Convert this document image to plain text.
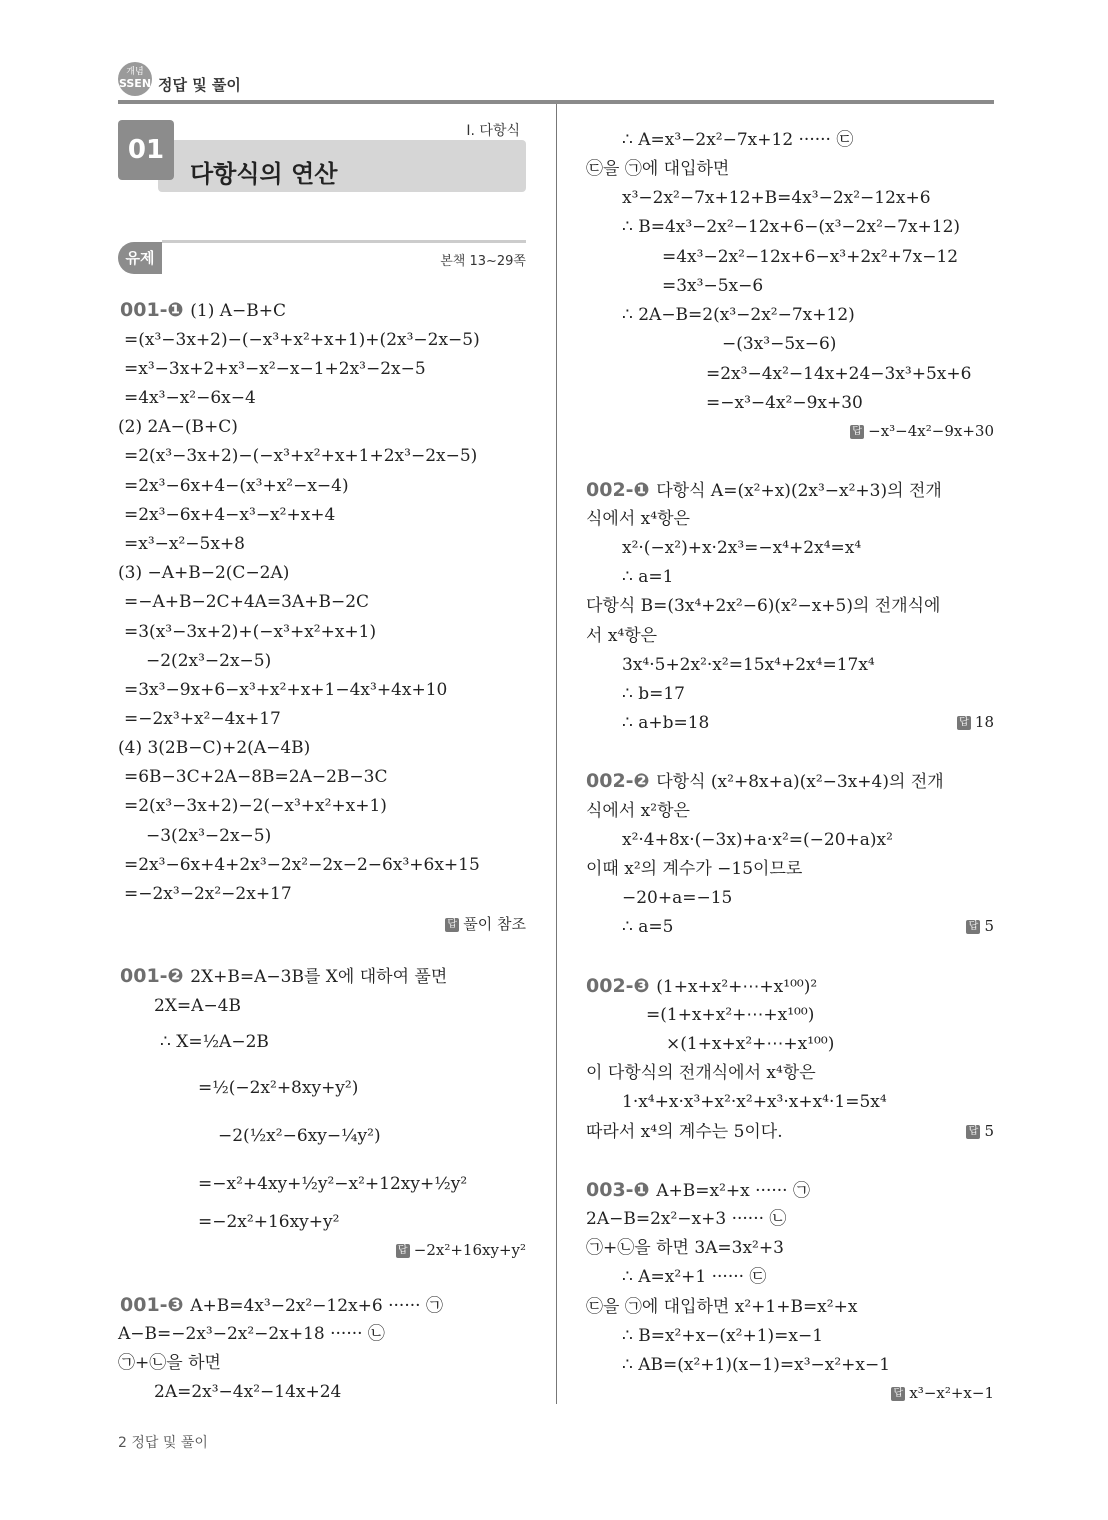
개념
SSEN 정답 및 풀이
01
다항식의 연산
Ⅰ. 다항식
유제	본책 13~29쪽
001-❶ (1) A−B+C
=(x³−3x+2)−(−x³+x²+x+1)+(2x³−2x−5)
=x³−3x+2+x³−x²−x−1+2x³−2x−5
=4x³−x²−6x−4
(2) 2A−(B+C)
=2(x³−3x+2)−(−x³+x²+x+1+2x³−2x−5)
=2x³−6x+4−(x³+x²−x−4)
=2x³−6x+4−x³−x²+x+4
=x³−x²−5x+8
(3) −A+B−2(C−2A)
=−A+B−2C+4A=3A+B−2C
=3(x³−3x+2)+(−x³+x²+x+1)
−2(2x³−2x−5)
=3x³−9x+6−x³+x²+x+1−4x³+4x+10
=−2x³+x²−4x+17
(4) 3(2B−C)+2(A−4B)
=6B−3C+2A−8B=2A−2B−3C
=2(x³−3x+2)−2(−x³+x²+x+1)
−3(2x³−2x−5)
=2x³−6x+4+2x³−2x²−2x−2−6x³+6x+15
=−2x³−2x²−2x+17
001-❷ 2X+B=A−3B를 X에 대하여 풀면
2X=A−4B
∴ X=½A−2B
=½(−2x²+8xy+y²)
−2(½x²−6xy−¼y²)
=−x²+4xy+½y²−x²+12xy+½y²
=−2x²+16xy+y²
001-❸ A+B=4x³−2x²−12x+6 ······ ㉠
A−B=−2x³−2x²−2x+18 ······ ㉡
㉠+㉡을 하면
2A=2x³−4x²−14x+24
답 풀이 참조
답 −2x²+16xy+y²
∴ A=x³−2x²−7x+12 ······ ㉢
㉢을 ㉠에 대입하면
x³−2x²−7x+12+B=4x³−2x²−12x+6
∴ B=4x³−2x²−12x+6−(x³−2x²−7x+12)
=4x³−2x²−12x+6−x³+2x²+7x−12
=3x³−5x−6
∴ 2A−B=2(x³−2x²−7x+12)
−(3x³−5x−6)
=2x³−4x²−14x+24−3x³+5x+6
=−x³−4x²−9x+30
002-❶ 다항식 A=(x²+x)(2x³−x²+3)의 전개
식에서 x⁴항은
x²·(−x²)+x·2x³=−x⁴+2x⁴=x⁴
∴ a=1
다항식 B=(3x⁴+2x²−6)(x²−x+5)의 전개식에
서 x⁴항은
3x⁴·5+2x²·x²=15x⁴+2x⁴=17x⁴
∴ b=17
∴ a+b=18
002-❷ 다항식 (x²+8x+a)(x²−3x+4)의 전개
식에서 x²항은
x²·4+8x·(−3x)+a·x²=(−20+a)x²
이때 x²의 계수가 −15이므로
−20+a=−15
∴ a=5
002-❸ (1+x+x²+⋯+x¹⁰⁰)²
=(1+x+x²+⋯+x¹⁰⁰)
×(1+x+x²+⋯+x¹⁰⁰)
이 다항식의 전개식에서 x⁴항은
1·x⁴+x·x³+x²·x²+x³·x+x⁴·1=5x⁴
따라서 x⁴의 계수는 5이다.
003-❶ A+B=x²+x ······ ㉠
2A−B=2x²−x+3 ······ ㉡
㉠+㉡을 하면 3A=3x²+3
∴ A=x²+1 ······ ㉢
㉢을 ㉠에 대입하면 x²+1+B=x²+x
∴ B=x²+x−(x²+1)=x−1
∴ AB=(x²+1)(x−1)=x³−x²+x−1
답 −x³−4x²−9x+30
답 18
답 5
답 5
답 x³−x²+x−1
2 정답 및 풀이
